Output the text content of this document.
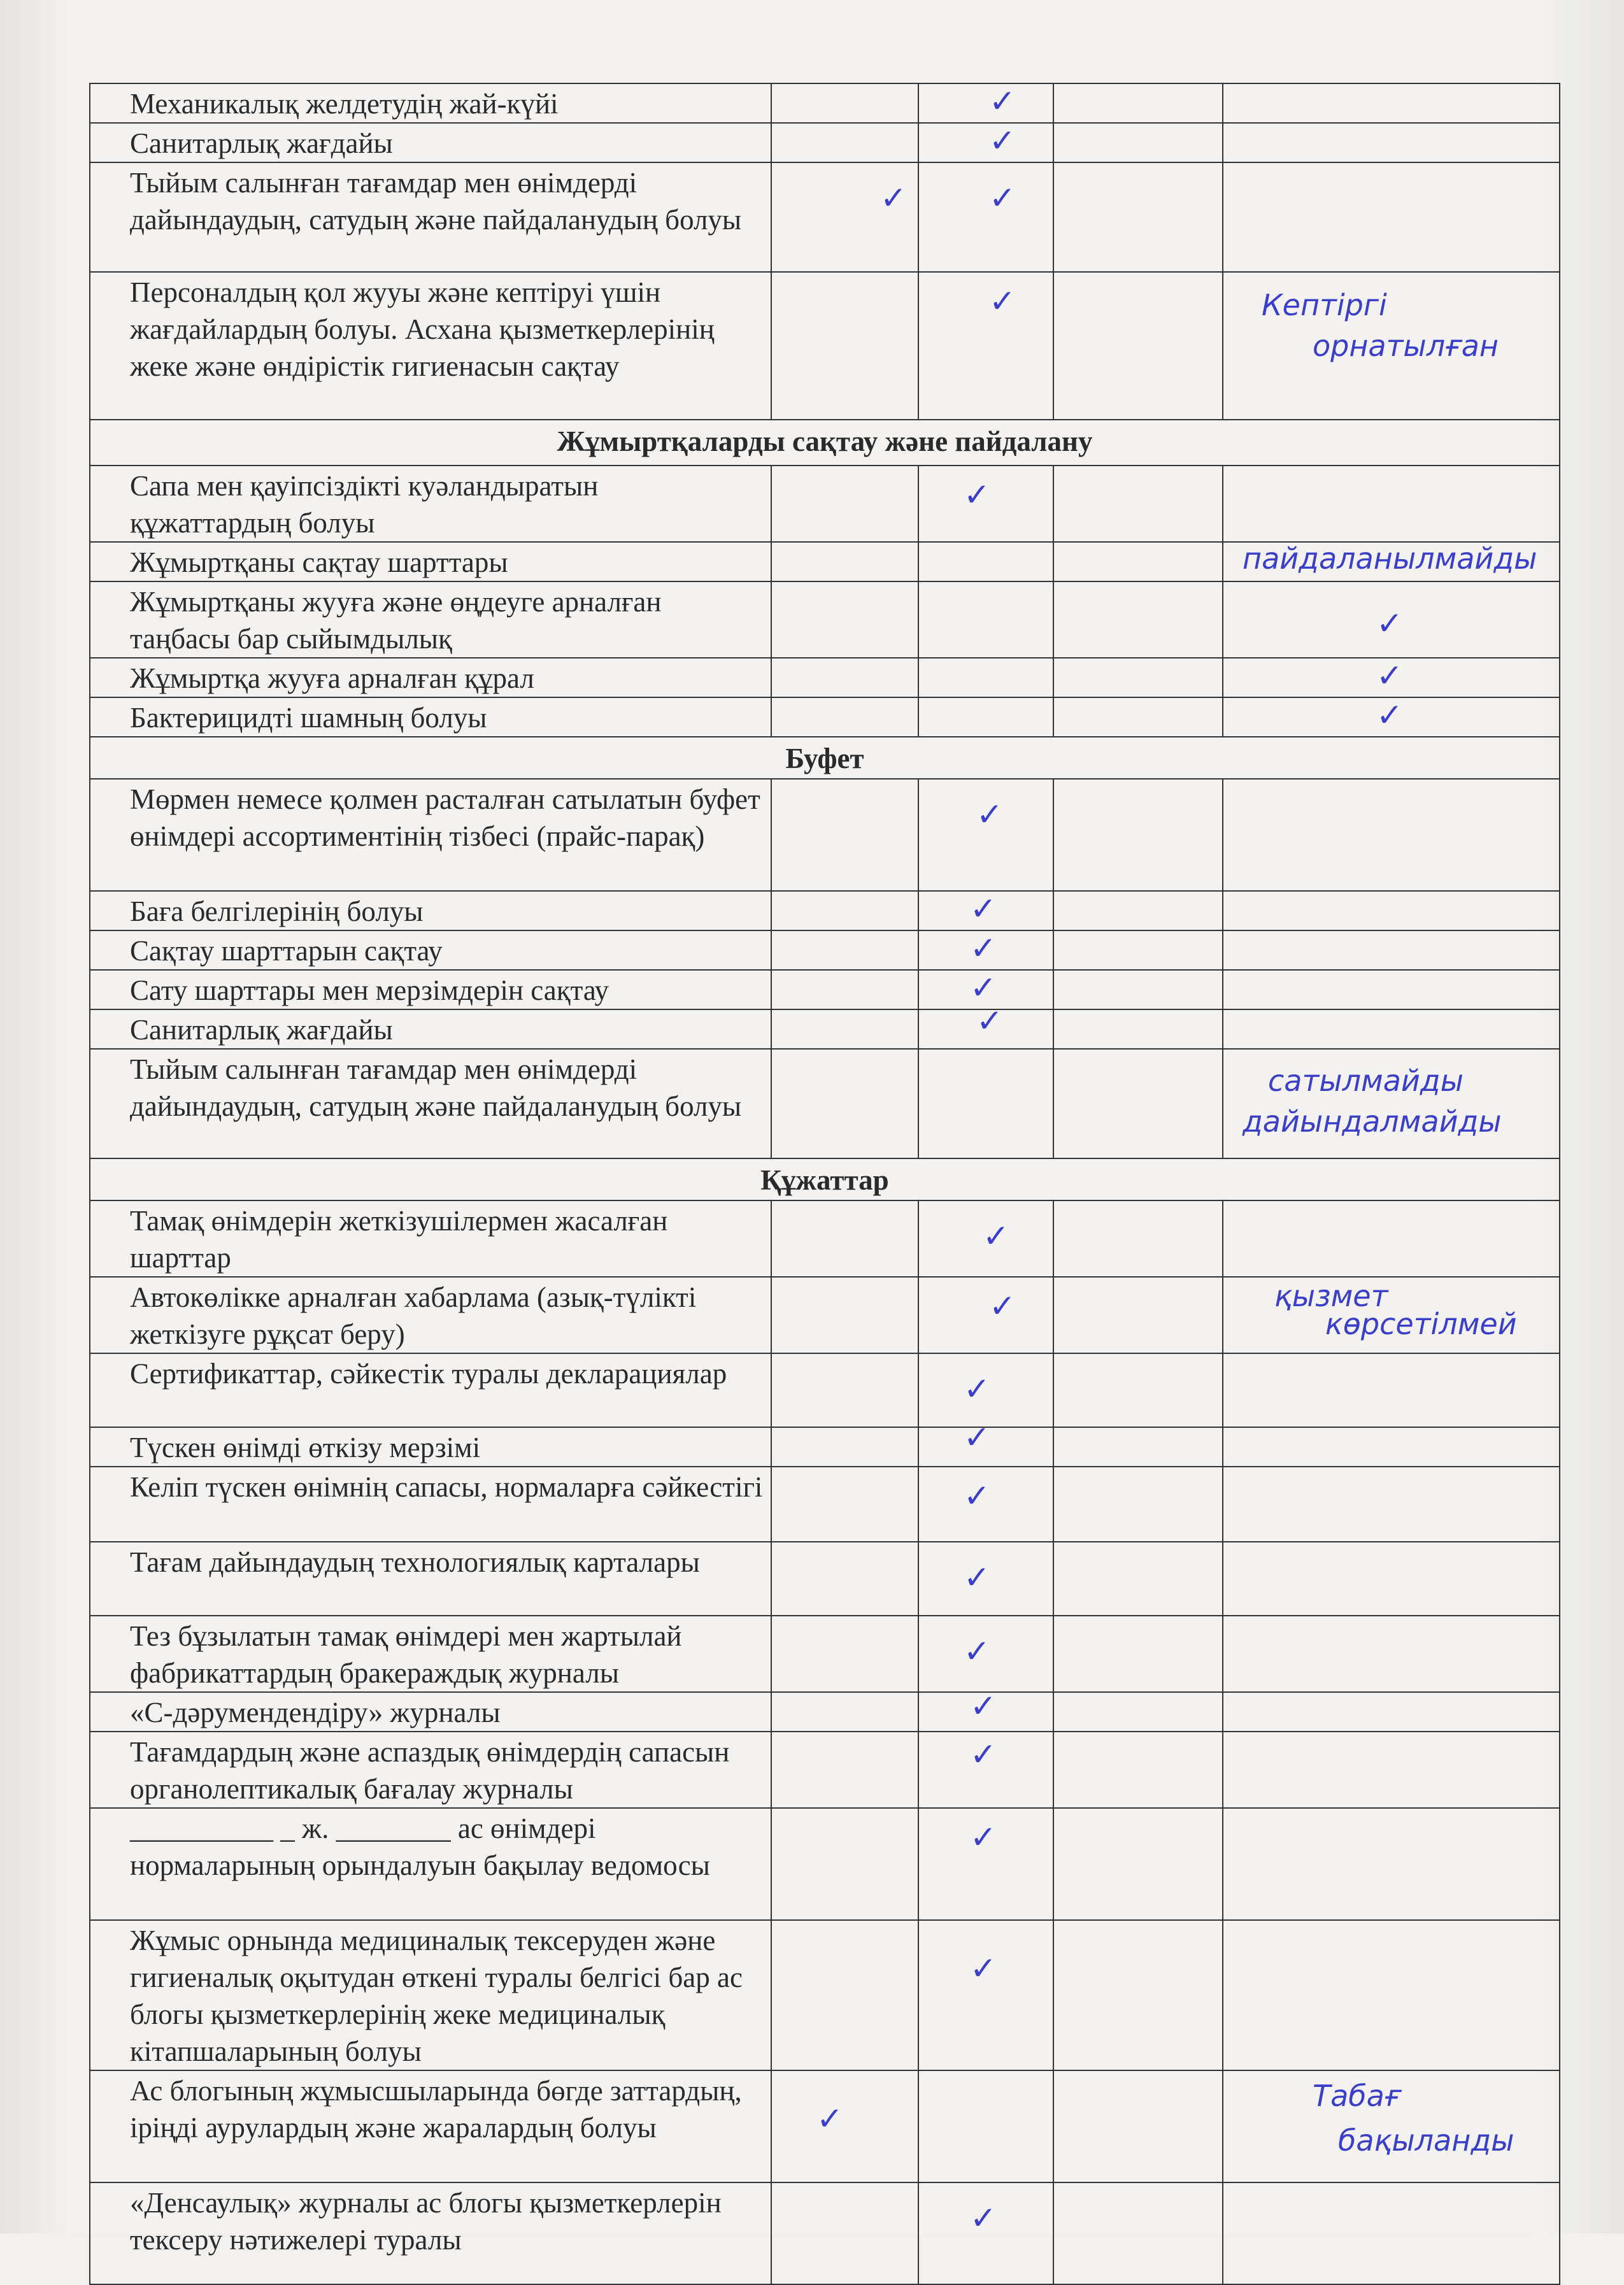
Механикалық желдетудің жай-күйі		✓		

Санитарлық жағдайы		✓		

Тыйым салынған тағамдар мен өнімдерді дайындаудың, сатудың және пайдаланудың болуы	✓	✓		

Персоналдың қол жууы және кептіруі үшін жағдайлардың болуы. Асхана қызметкерлерінің жеке және өндірістік гигиенасын сақтау		✓		Кептіргі
орнатылған

Жұмыртқаларды сақтау және пайдалану				
Сапа мен қауіпсіздікті куәландыратын құжаттардың болуы		✓		

Жұмыртқаны сақтау шарттары				пайдаланылмайды

Жұмыртқаны жууға және өңдеуге арналған таңбасы бар сыйымдылық				✓

Жұмыртқа жууға арналған құрал				✓

Бактерицидті шамның болуы				✓

Буфет				
Мөрмен немесе қолмен расталған сатылатын буфет өнімдері ассортиментінің тізбесі (прайс-парақ)		✓		

Баға белгілерінің болуы		✓		

Сақтау шарттарын сақтау		✓		

Сату шарттары мен мерзімдерін сақтау		✓		

Санитарлық жағдайы		✓		

Тыйым салынған тағамдар мен өнімдерді дайындаудың, сатудың және пайдаланудың болуы				сатылмайды
дайындалмайды

Құжаттар				
Тамақ өнімдерін жеткізушілермен жасалған шарттар		✓		

Автокөлікке арналған хабарлама (азық-түлікті жеткізуге рұқсат беру)		✓		қызмет
көрсетілмей

Сертификаттар, сәйкестік туралы декларациялар		✓		

Түскен өнімді өткізу мерзімі		✓		

Келіп түскен өнімнің сапасы, нормаларға сәйкестігі		✓		

Тағам дайындаудың технологиялық карталары		✓		

Тез бұзылатын тамақ өнімдері мен жартылай фабрикаттардың бракераждық журналы		✓		

«С-дәрумендендіру» журналы		✓		

Тағамдардың және аспаздық өнімдердің сапасын органолептикалық бағалау журналы		✓		

__________ _ ж. ________ ас өнімдері нормаларының орындалуын бақылау ведомосы		✓		

Жұмыс орнында медициналық тексеруден және гигиеналық оқытудан өткені туралы белгісі бар ас блогы қызметкерлерінің жеке медициналық кітапшаларының болуы		✓		

Ас блогының жұмысшыларында бөгде заттардың, іріңді аурулардың және жаралардың болуы	✓			Табағ
бақыланды

«Денсаулық» журналы ас блогы қызметкерлерін тексеру нәтижелері туралы		✓		
